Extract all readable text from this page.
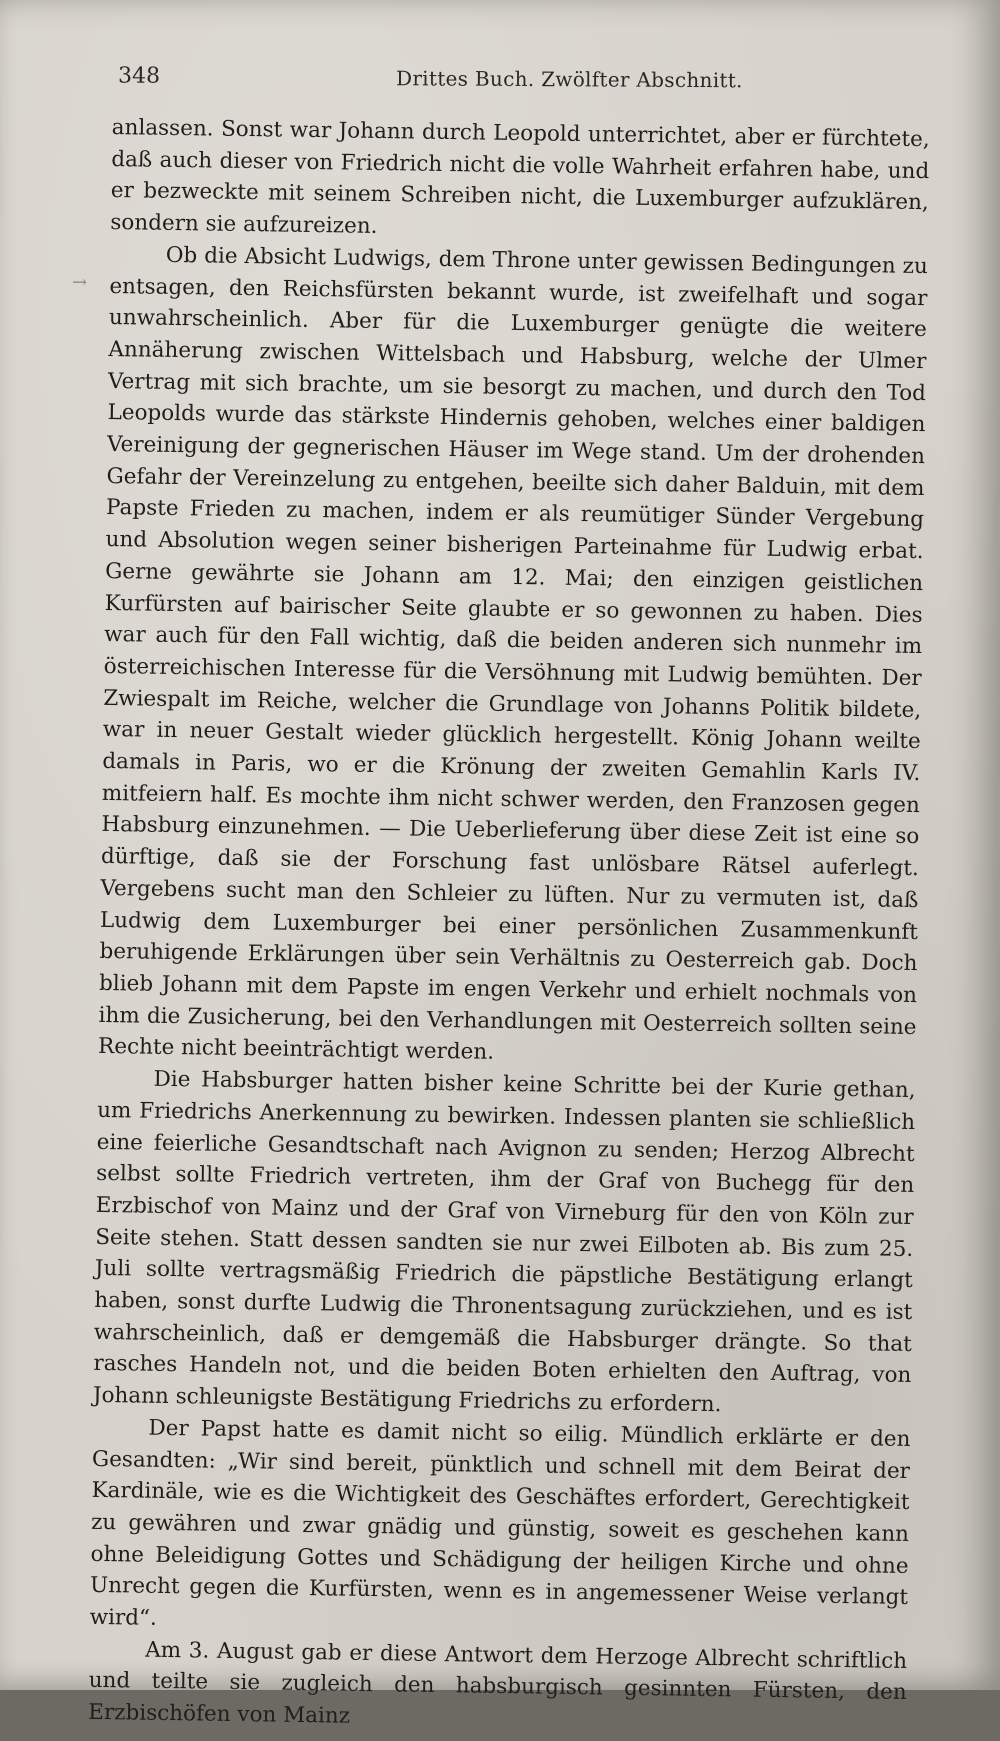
348	Drittes Buch. Zwölfter Abschnitt.
→

anlassen. Sonst war Johann durch Leopold unterrichtet, aber er fürchtete, daß auch dieser von Friedrich nicht die volle Wahrheit erfahren habe, und er bezweckte mit seinem Schreiben nicht, die Luxemburger aufzuklären, sondern sie aufzureizen.

Ob die Absicht Ludwigs, dem Throne unter gewissen Bedingungen zu entsagen, den Reichsfürsten bekannt wurde, ist zweifelhaft und sogar unwahrscheinlich. Aber für die Luxemburger genügte die weitere Annäherung zwischen Wittelsbach und Habsburg, welche der Ulmer Vertrag mit sich brachte, um sie besorgt zu machen, und durch den Tod Leopolds wurde das stärkste Hindernis gehoben, welches einer baldigen Vereinigung der gegnerischen Häuser im Wege stand. Um der drohenden Gefahr der Vereinzelung zu entgehen, beeilte sich daher Balduin, mit dem Papste Frieden zu machen, indem er als reumütiger Sünder Vergebung und Absolution wegen seiner bisherigen Parteinahme für Ludwig erbat. Gerne gewährte sie Johann am 12. Mai; den einzigen geistlichen Kurfürsten auf bairischer Seite glaubte er so gewonnen zu haben. Dies war auch für den Fall wichtig, daß die beiden anderen sich nunmehr im österreichischen Interesse für die Versöhnung mit Ludwig bemühten. Der Zwiespalt im Reiche, welcher die Grundlage von Johanns Politik bildete, war in neuer Gestalt wieder glücklich hergestellt. König Johann weilte damals in Paris, wo er die Krönung der zweiten Gemahlin Karls IV. mitfeiern half. Es mochte ihm nicht schwer werden, den Franzosen gegen Habsburg einzunehmen. — Die Ueberlieferung über diese Zeit ist eine so dürftige, daß sie der Forschung fast unlösbare Rätsel auferlegt. Vergebens sucht man den Schleier zu lüften. Nur zu vermuten ist, daß Ludwig dem Luxemburger bei einer persönlichen Zusammenkunft beruhigende Erklärungen über sein Verhältnis zu Oesterreich gab. Doch blieb Johann mit dem Papste im engen Verkehr und erhielt nochmals von ihm die Zusicherung, bei den Verhandlungen mit Oesterreich sollten seine Rechte nicht beeinträchtigt werden.

Die Habsburger hatten bisher keine Schritte bei der Kurie gethan, um Friedrichs Anerkennung zu bewirken. Indessen planten sie schließlich eine feierliche Gesandtschaft nach Avignon zu senden; Herzog Albrecht selbst sollte Friedrich vertreten, ihm der Graf von Buchegg für den Erzbischof von Mainz und der Graf von Virneburg für den von Köln zur Seite stehen. Statt dessen sandten sie nur zwei Eilboten ab. Bis zum 25. Juli sollte vertragsmäßig Friedrich die päpstliche Bestätigung erlangt haben, sonst durfte Ludwig die Thronentsagung zurückziehen, und es ist wahrscheinlich, daß er demgemäß die Habsburger drängte. So that rasches Handeln not, und die beiden Boten erhielten den Auftrag, von Johann schleunigste Bestätigung Friedrichs zu erfordern.

Der Papst hatte es damit nicht so eilig. Mündlich erklärte er den Gesandten: „Wir sind bereit, pünktlich und schnell mit dem Beirat der Kardinäle, wie es die Wichtigkeit des Geschäftes erfordert, Gerechtigkeit zu gewähren und zwar gnädig und günstig, soweit es geschehen kann ohne Beleidigung Gottes und Schädigung der heiligen Kirche und ohne Unrecht gegen die Kurfürsten, wenn es in angemessener Weise verlangt wird“.

Am 3. August gab er diese Antwort dem Herzoge Albrecht schriftlich und teilte sie zugleich den habsburgisch gesinnten Fürsten, den Erzbischöfen von Mainz
